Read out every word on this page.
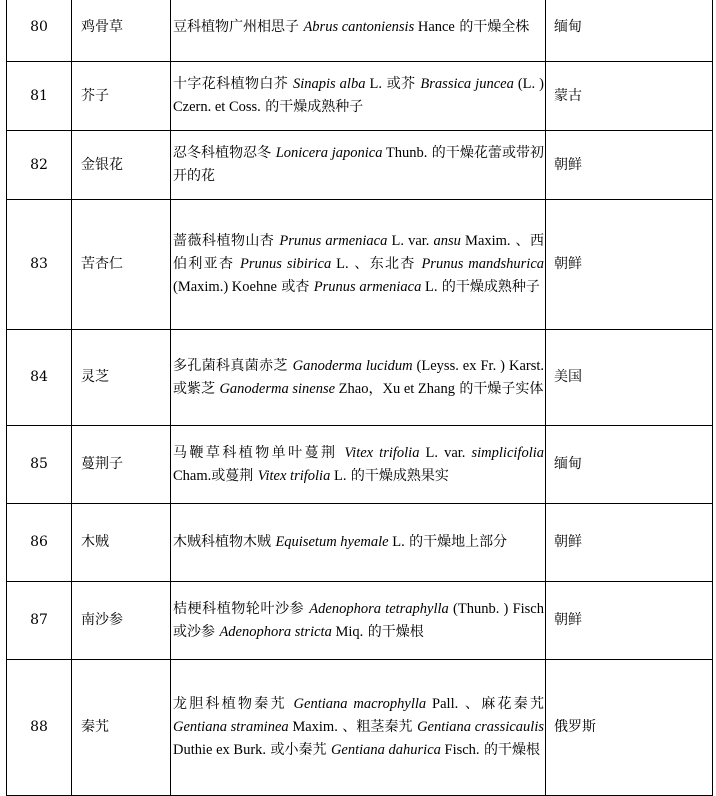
80	鸡骨草	豆科植物广州相思子 Abrus cantoniensis Hance 的干燥全株	缅甸
81	芥子	十字花科植物白芥 Sinapis alba L. 或芥 Brassica juncea (L. ) Czern. et Coss. 的干燥成熟种子	蒙古
82	金银花	忍冬科植物忍冬 Lonicera japonica Thunb. 的干燥花蕾或带初开的花	朝鲜
83	苦杏仁	蔷薇科植物山杏 Prunus armeniaca L. var. ansu Maxim. 、西伯利亚杏 Prunus sibirica L. 、东北杏 Prunus mandshurica (Maxim.) Koehne 或杏 Prunus armeniaca L. 的干燥成熟种子	朝鲜
84	灵芝	多孔菌科真菌赤芝 Ganoderma lucidum (Leyss. ex Fr. ) Karst.或紫芝 Ganoderma sinense Zhao，Xu et Zhang 的干燥子实体	美国
85	蔓荆子	马鞭草科植物单叶蔓荆 Vitex trifolia L. var. simplicifolia Cham.或蔓荆 Vitex trifolia L. 的干燥成熟果实	缅甸
86	木贼	木贼科植物木贼 Equisetum hyemale L. 的干燥地上部分	朝鲜
87	南沙参	桔梗科植物轮叶沙参 Adenophora tetraphylla (Thunb. ) Fisch 或沙参 Adenophora stricta Miq. 的干燥根	朝鲜
88	秦艽	龙胆科植物秦艽 Gentiana macrophylla Pall. 、麻花秦艽 Gentiana straminea Maxim. 、粗茎秦艽 Gentiana crassicaulis Duthie ex Burk. 或小秦艽 Gentiana dahurica Fisch. 的干燥根	俄罗斯
